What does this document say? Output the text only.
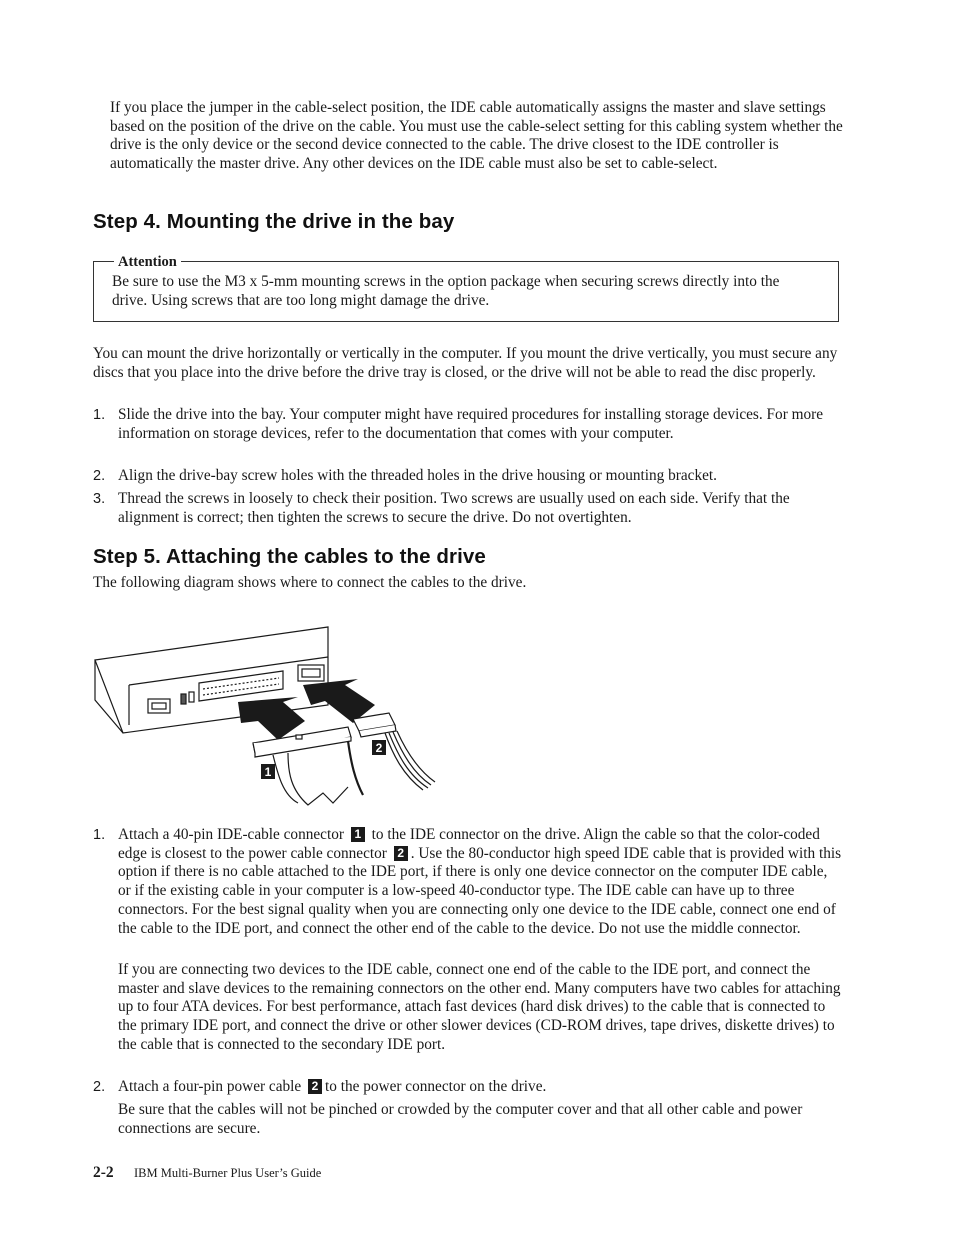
If you place the jumper in the cable-select position, the IDE cable automatically assigns the master and slave settings based on the position of the drive on the cable. You must use the cable-select setting for this cabling system whether the drive is the only device or the second device connected to the cable. The drive closest to the IDE controller is automatically the master drive. Any other devices on the IDE cable must also be set to cable-select.

Step 4. Mounting the drive in the bay
Attention

Be sure to use the M3 x 5-mm mounting screws in the option package when securing screws directly into the drive. Using screws that are too long might damage the drive.

You can mount the drive horizontally or vertically in the computer. If you mount the drive vertically, you must secure any discs that you place into the drive before the drive tray is closed, or the drive will not be able to read the disc properly.

1. Slide the drive into the bay. Your computer might have required procedures for installing storage devices. For more information on storage devices, refer to the documentation that comes with your computer.

2. Align the drive-bay screw holes with the threaded holes in the drive housing or mounting bracket.

3. Thread the screws in loosely to check their position. Two screws are usually used on each side. Verify that the alignment is correct; then tighten the screws to secure the drive. Do not overtighten.

Step 5. Attaching the cables to the drive

The following diagram shows where to connect the cables to the drive.

2
1
1. Attach a 40-pin IDE-cable connector 1 to the IDE connector on the drive. Align the cable so that the color-coded edge is closest to the power cable connector 2 . Use the 80-conductor high speed IDE cable that is provided with this option if there is no cable attached to the IDE port, if there is only one device connector on the computer IDE cable, or if the existing cable in your computer is a low-speed 40-conductor type. The IDE cable can have up to three connectors. For the best signal quality when you are connecting only one device to the IDE cable, connect one end of the cable to the IDE port, and connect the other end of the cable to the device. Do not use the middle connector.

If you are connecting two devices to the IDE cable, connect one end of the cable to the IDE port, and connect the master and slave devices to the remaining connectors on the other end. Many computers have two cables for attaching up to four ATA devices. For best performance, attach fast devices (hard disk drives) to the cable that is connected to the primary IDE port, and connect the drive or other slower devices (CD-ROM drives, tape drives, diskette drives) to the cable that is connected to the secondary IDE port.

2. Attach a four-pin power cable 2 to the power connector on the drive.

Be sure that the cables will not be pinched or crowded by the computer cover and that all other cable and power connections are secure.

2-2 IBM Multi-Burner Plus User’s Guide
